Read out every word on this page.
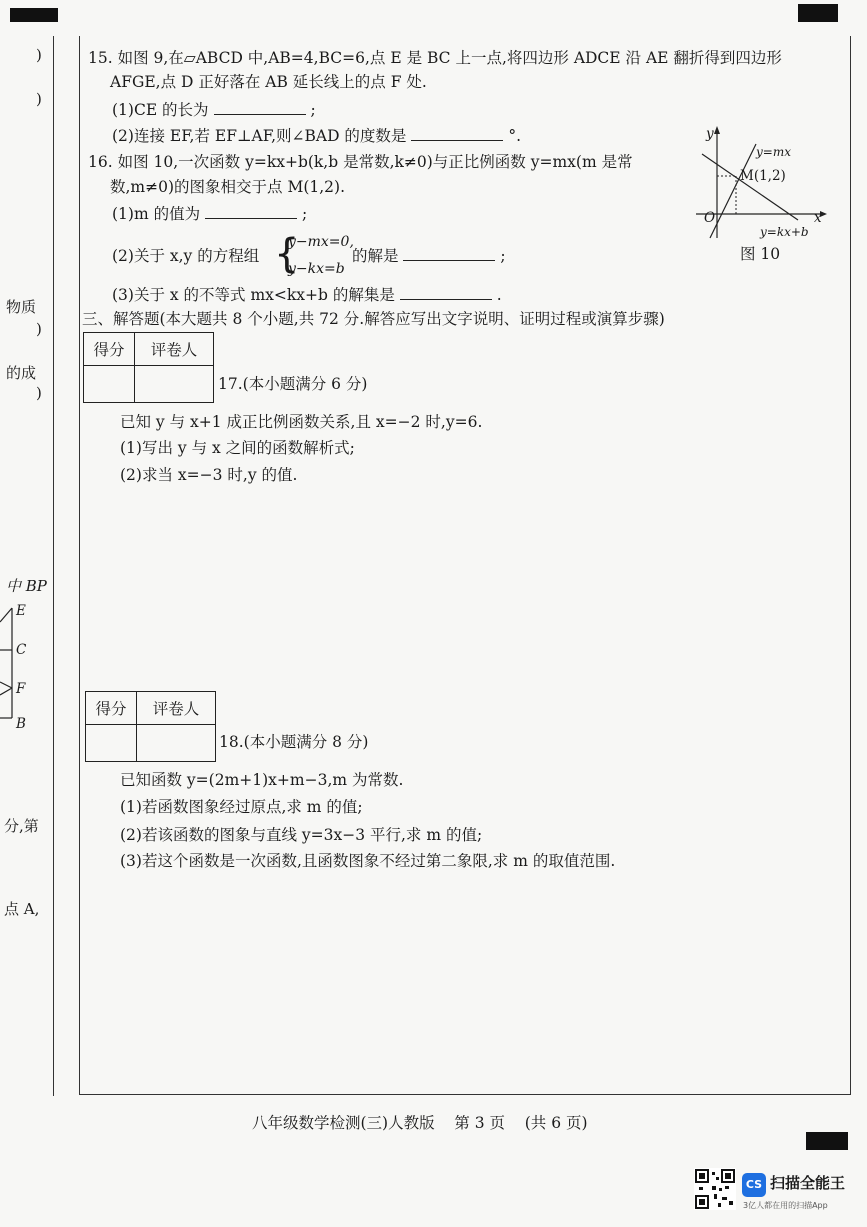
)
)
物质
)
的成
)
中 BP
E
C
F
B
分,第
点 A,
15. 如图 9,在▱ABCD 中,AB=4,BC=6,点 E 是 BC 上一点,将四边形 ADCE 沿 AE 翻折得到四边形
AFGE,点 D 正好落在 AB 延长线上的点 F 处.
(1)CE 的长为	;
(2)连接 EF,若 EF⊥AF,则∠BAD 的度数是	°.
16. 如图 10,一次函数 y=kx+b(k,b 是常数,k≠0)与正比例函数 y=mx(m 是常
数,m≠0)的图象相交于点 M(1,2).
(1)m 的值为	;
(2)关于 x,y 的方程组 {
y−mx=0,
y−kx=b
的解是	;
(3)关于 x 的不等式 mx<kx+b 的解集是	.
y
y=mx
M(1,2)
O	x
y=kx+b
图 10
三、解答题(本大题共 8 个小题,共 72 分.解答应写出文字说明、证明过程或演算步骤)
得分	评卷人

17.(本小题满分 6 分)
已知 y 与 x+1 成正比例函数关系,且 x=−2 时,y=6.
(1)写出 y 与 x 之间的函数解析式;
(2)求当 x=−3 时,y 的值.
得分	评卷人

18.(本小题满分 8 分)
已知函数 y=(2m+1)x+m−3,m 为常数.
(1)若函数图象经过原点,求 m 的值;
(2)若该函数的图象与直线 y=3x−3 平行,求 m 的值;
(3)若这个函数是一次函数,且函数图象不经过第二象限,求 m 的取值范围.
八年级数学检测(三)人教版    第 3 页    (共 6 页)
CS 扫描全能王
3亿人都在用的扫描App
